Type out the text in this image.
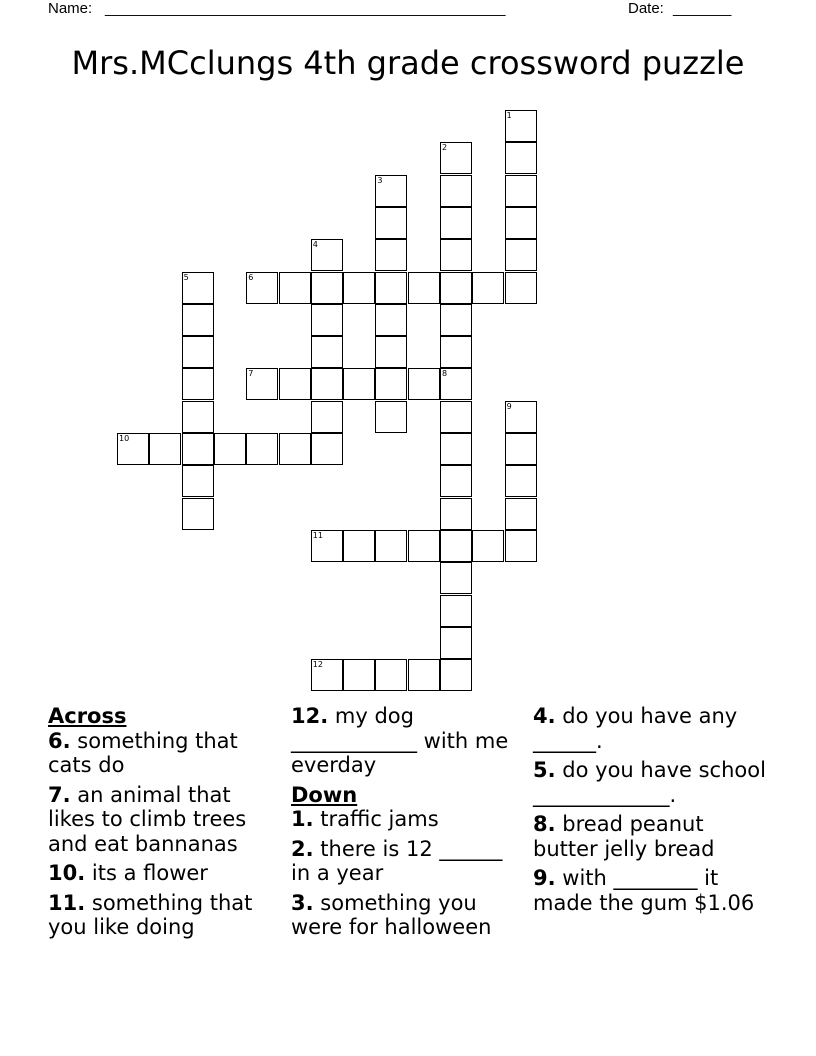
Name: ________________________________________________	Date: _______
Mrs.MCclungs 4th grade crossword puzzle
1
2
3
4
5	6
7	8
9
10
11
12
Across
6. something that cats do
7. an animal that likes to climb trees and eat bannanas
10. its a flower
11. something that you like doing
12. my dog ____________ with me everday
Down
1. traffic jams
2. there is 12 ______ in a year
3. something you were for halloween
4. do you have any ______.
5. do you have school _____________.
8. bread peanut butter jelly bread
9. with ________ it made the gum $1.06
